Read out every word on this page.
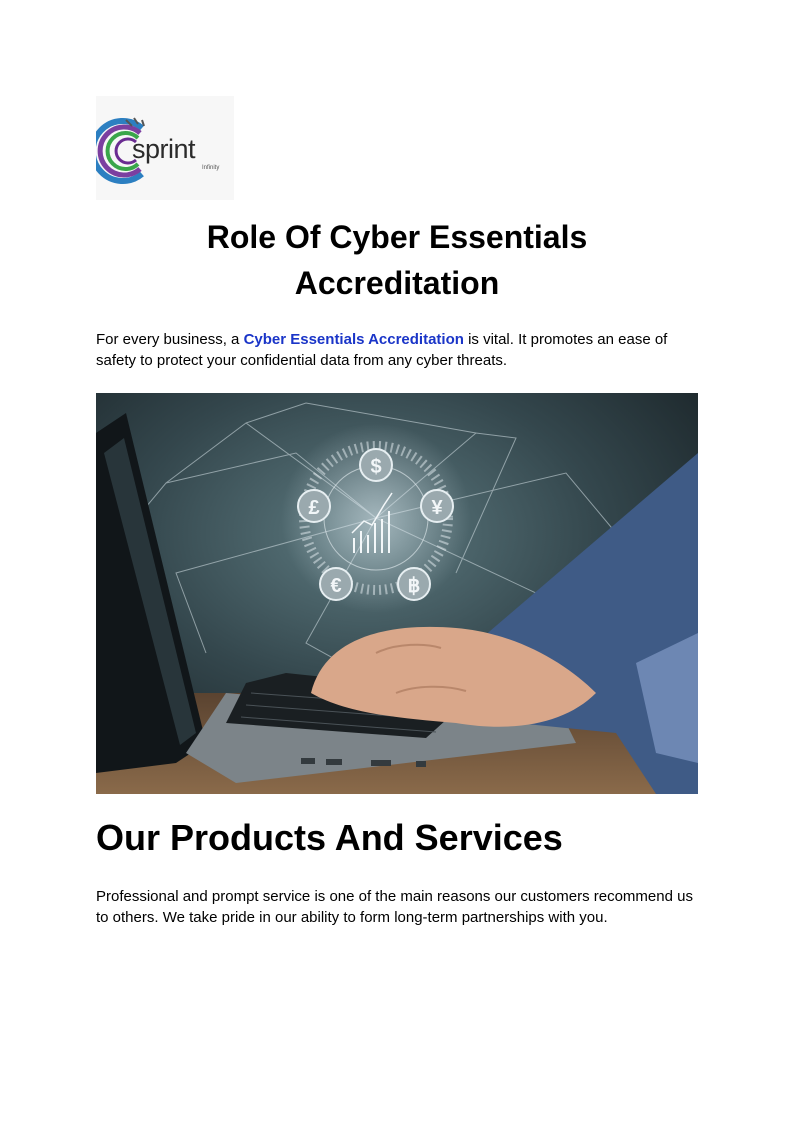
sprint
Infinity
Role Of Cyber Essentials
Accreditation

For every business, a Cyber Essentials Accreditation is vital. It promotes an ease of safety to protect your confidential data from any cyber threats.

$
£	¥
€	฿
Our Products And Services

Professional and prompt service is one of the main reasons our customers recommend us to others. We take pride in our ability to form long-term partnerships with you.
